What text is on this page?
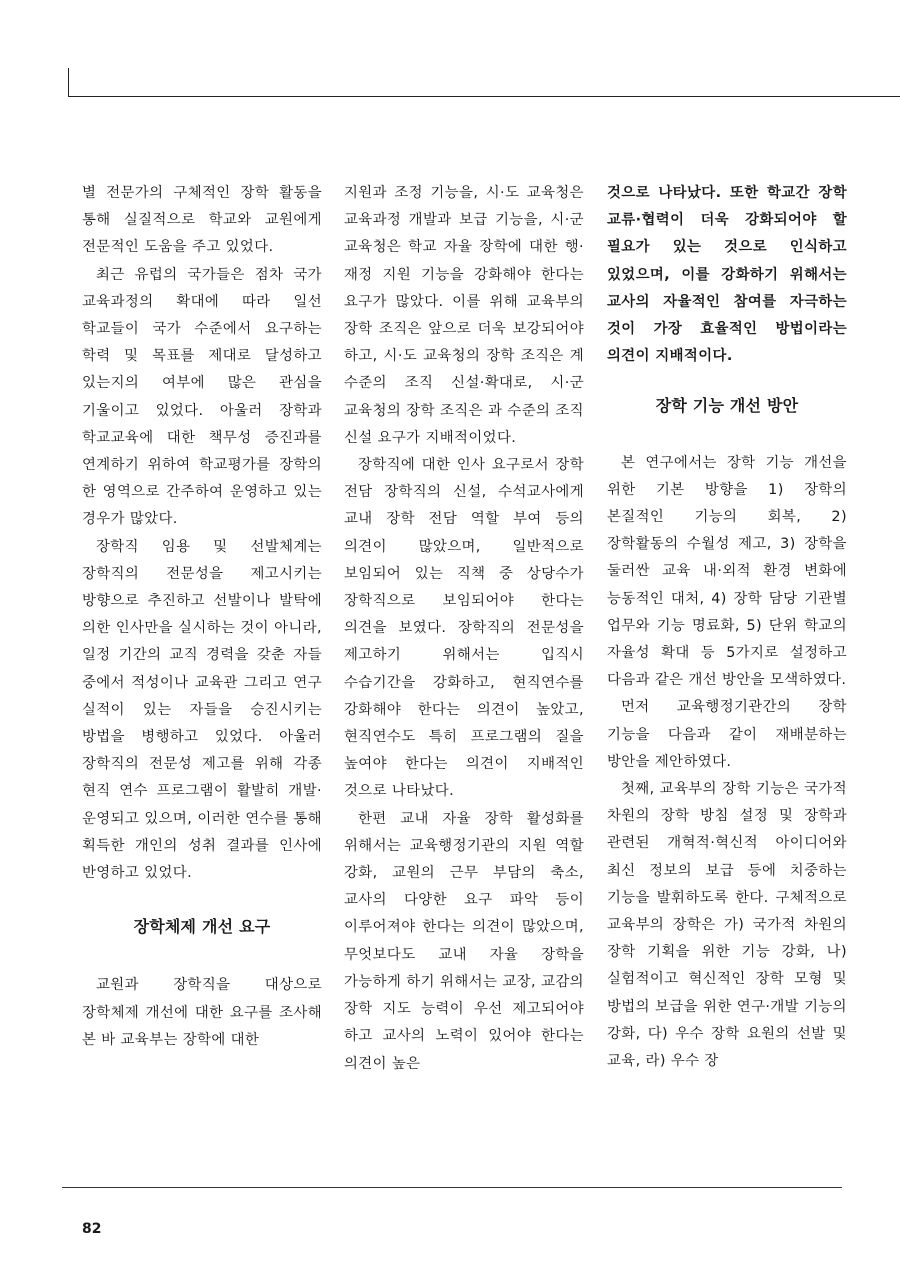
별 전문가의 구체적인 장학 활동을 통해 실질적으로 학교와 교원에게 전문적인 도움을 주고 있었다.

최근 유럽의 국가들은 점차 국가 교육과정의 확대에 따라 일선 학교들이 국가 수준에서 요구하는 학력 및 목표를 제대로 달성하고 있는지의 여부에 많은 관심을 기울이고 있었다. 아울러 장학과 학교교육에 대한 책무성 증진과를 연계하기 위하여 학교평가를 장학의 한 영역으로 간주하여 운영하고 있는 경우가 많았다.

장학직 임용 및 선발체계는 장학직의 전문성을 제고시키는 방향으로 추진하고 선발이나 발탁에 의한 인사만을 실시하는 것이 아니라, 일정 기간의 교직 경력을 갖춘 자들 중에서 적성이나 교육관 그리고 연구 실적이 있는 자들을 승진시키는 방법을 병행하고 있었다. 아울러 장학직의 전문성 제고를 위해 각종 현직 연수 프로그램이 활발히 개발·운영되고 있으며, 이러한 연수를 통해 획득한 개인의 성취 결과를 인사에 반영하고 있었다.

장학체제 개선 요구

교원과 장학직을 대상으로 장학체제 개선에 대한 요구를 조사해 본 바 교육부는 장학에 대한

지원과 조정 기능을, 시·도 교육청은 교육과정 개발과 보급 기능을, 시·군 교육청은 학교 자율 장학에 대한 행·재정 지원 기능을 강화해야 한다는 요구가 많았다. 이를 위해 교육부의 장학 조직은 앞으로 더욱 보강되어야 하고, 시·도 교육청의 장학 조직은 계 수준의 조직 신설·확대로, 시·군 교육청의 장학 조직은 과 수준의 조직 신설 요구가 지배적이었다.

장학직에 대한 인사 요구로서 장학 전담 장학직의 신설, 수석교사에게 교내 장학 전담 역할 부여 등의 의견이 많았으며, 일반적으로 보임되어 있는 직책 중 상당수가 장학직으로 보임되어야 한다는 의견을 보였다. 장학직의 전문성을 제고하기 위해서는 입직시 수습기간을 강화하고, 현직연수를 강화해야 한다는 의견이 높았고, 현직연수도 특히 프로그램의 질을 높여야 한다는 의견이 지배적인 것으로 나타났다.

한편 교내 자율 장학 활성화를 위해서는 교육행정기관의 지원 역할 강화, 교원의 근무 부담의 축소, 교사의 다양한 요구 파악 등이 이루어져야 한다는 의견이 많았으며, 무엇보다도 교내 자율 장학을 가능하게 하기 위해서는 교장, 교감의 장학 지도 능력이 우선 제고되어야 하고 교사의 노력이 있어야 한다는 의견이 높은

것으로 나타났다. 또한 학교간 장학 교류·협력이 더욱 강화되어야 할 필요가 있는 것으로 인식하고 있었으며, 이를 강화하기 위해서는 교사의 자율적인 참여를 자극하는 것이 가장 효율적인 방법이라는 의견이 지배적이다.

장학 기능 개선 방안

본 연구에서는 장학 기능 개선을 위한 기본 방향을 1) 장학의 본질적인 기능의 회복, 2) 장학활동의 수월성 제고, 3) 장학을 둘러싼 교육 내·외적 환경 변화에 능동적인 대처, 4) 장학 담당 기관별 업무와 기능 명료화, 5) 단위 학교의 자율성 확대 등 5가지로 설정하고 다음과 같은 개선 방안을 모색하였다.

먼저 교육행정기관간의 장학 기능을 다음과 같이 재배분하는 방안을 제안하였다.

첫째, 교육부의 장학 기능은 국가적 차원의 장학 방침 설정 및 장학과 관련된 개혁적·혁신적 아이디어와 최신 정보의 보급 등에 치중하는 기능을 발휘하도록 한다. 구체적으로 교육부의 장학은 가) 국가적 차원의 장학 기획을 위한 기능 강화, 나) 실험적이고 혁신적인 장학 모형 및 방법의 보급을 위한 연구·개발 기능의 강화, 다) 우수 장학 요원의 선발 및 교육, 라) 우수 장

82
